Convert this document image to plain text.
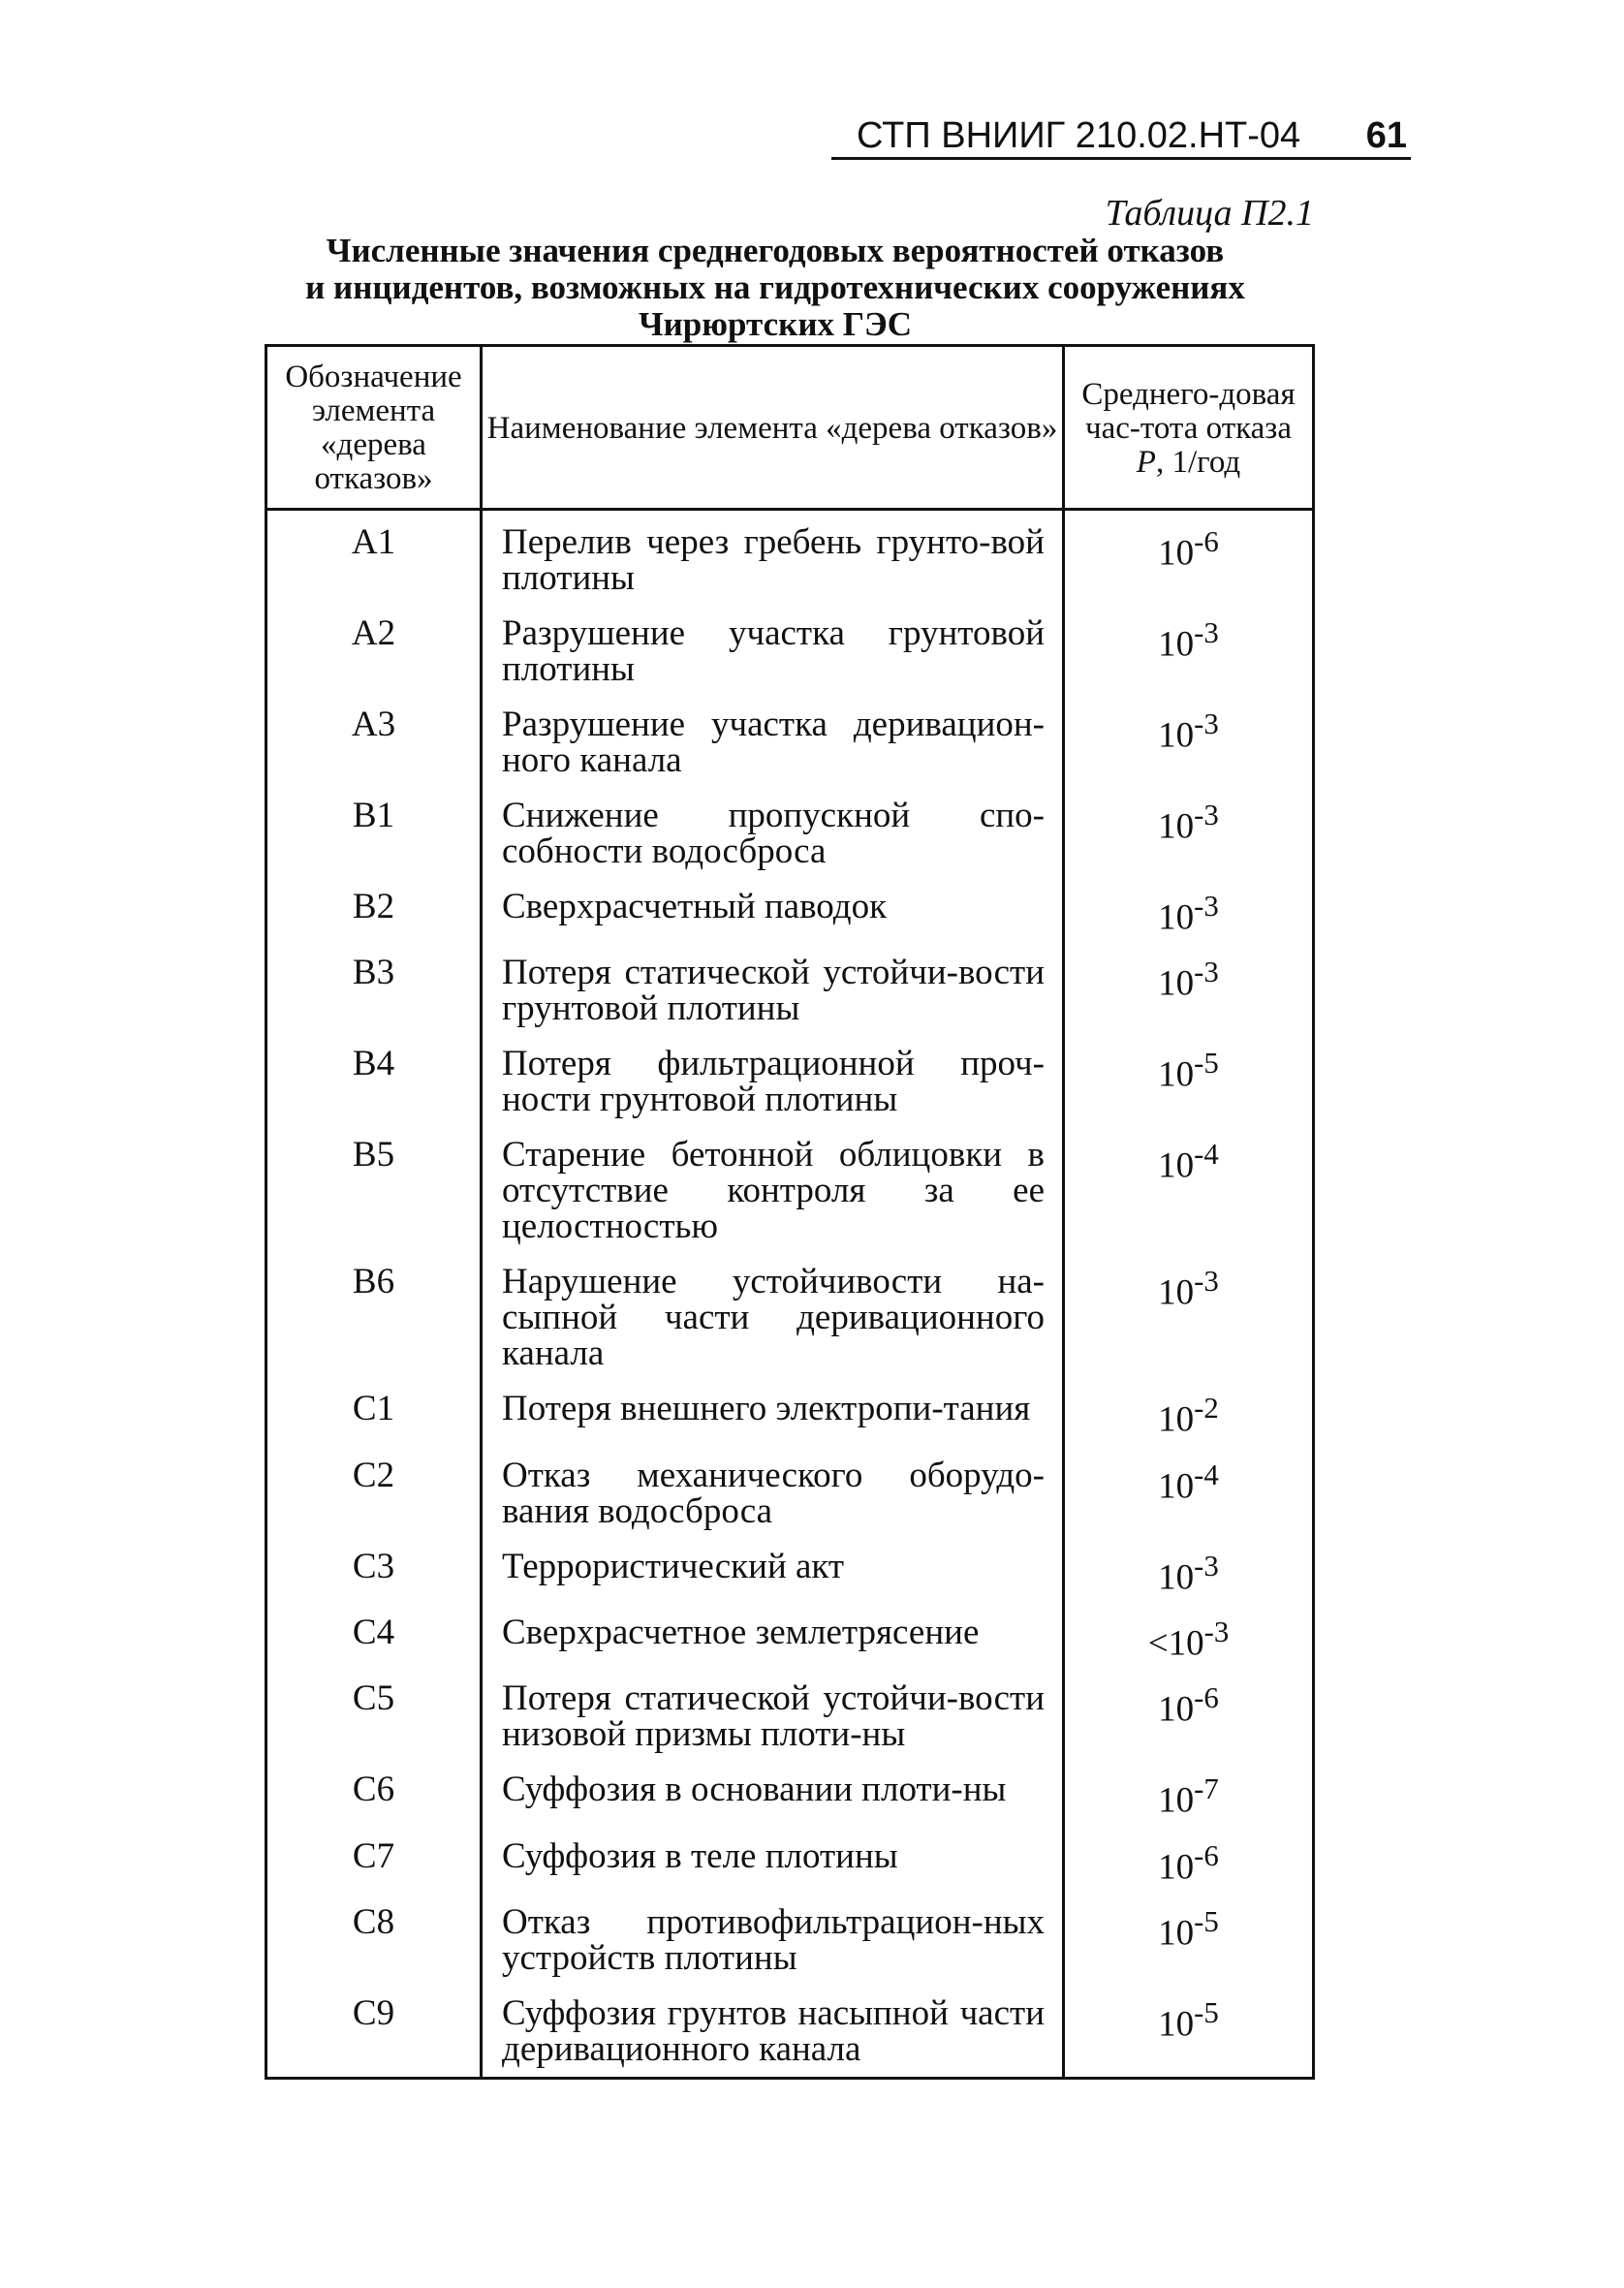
СТП ВНИИГ 210.02.НТ-04 61
Таблица П2.1
Численные значения среднегодовых вероятностей отказов
и инцидентов, возможных на гидротехнических сооружениях
Чирюртских ГЭС
Обозначение элемента «дерева отказов»	Наименование элемента «дерева отказов»	Среднего-довая час-тота отказа P, 1/год
A1	Перелив через гребень грунто-вой плотины	$10^{-6}$
A2	Разрушение участка грунтовой плотины	$10^{-3}$
A3	Разрушение участка деривацион-ного канала	$10^{-3}$
B1	Снижение пропускной спо-собности водосброса	$10^{-3}$
B2	Сверхрасчетный паводок	$10^{-3}$
B3	Потеря статической устойчи-вости грунтовой плотины	$10^{-3}$
B4	Потеря фильтрационной проч-ности грунтовой плотины	$10^{-5}$
B5	Старение бетонной облицовки в отсутствие контроля за ее целостностью	$10^{-4}$
B6	Нарушение устойчивости на-сыпной части деривационного канала	$10^{-3}$
C1	Потеря внешнего электропи-тания	$10^{-2}$
C2	Отказ механического оборудо-вания водосброса	$10^{-4}$
C3	Террористический акт	$10^{-3}$
C4	Сверхрасчетное землетрясение	$<10^{-3}$
C5	Потеря статической устойчи-вости низовой призмы плоти-ны	$10^{-6}$
C6	Суффозия в основании плоти-ны	$10^{-7}$
C7	Суффозия в теле плотины	$10^{-6}$
C8	Отказ противофильтрацион-ных устройств плотины	$10^{-5}$
C9	Суффозия грунтов насыпной части деривационного канала	$10^{-5}$
